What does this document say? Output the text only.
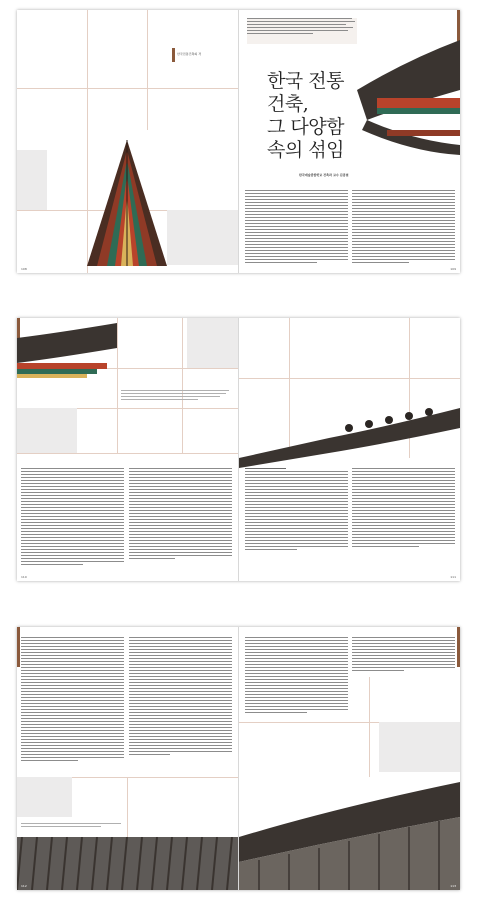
한국전통건축의 격
108
한국 전통
건축,
그 다양함
속의 섞임
한국예술종합학교 건축과 교수 김봉렬
109
110	111
112	113
